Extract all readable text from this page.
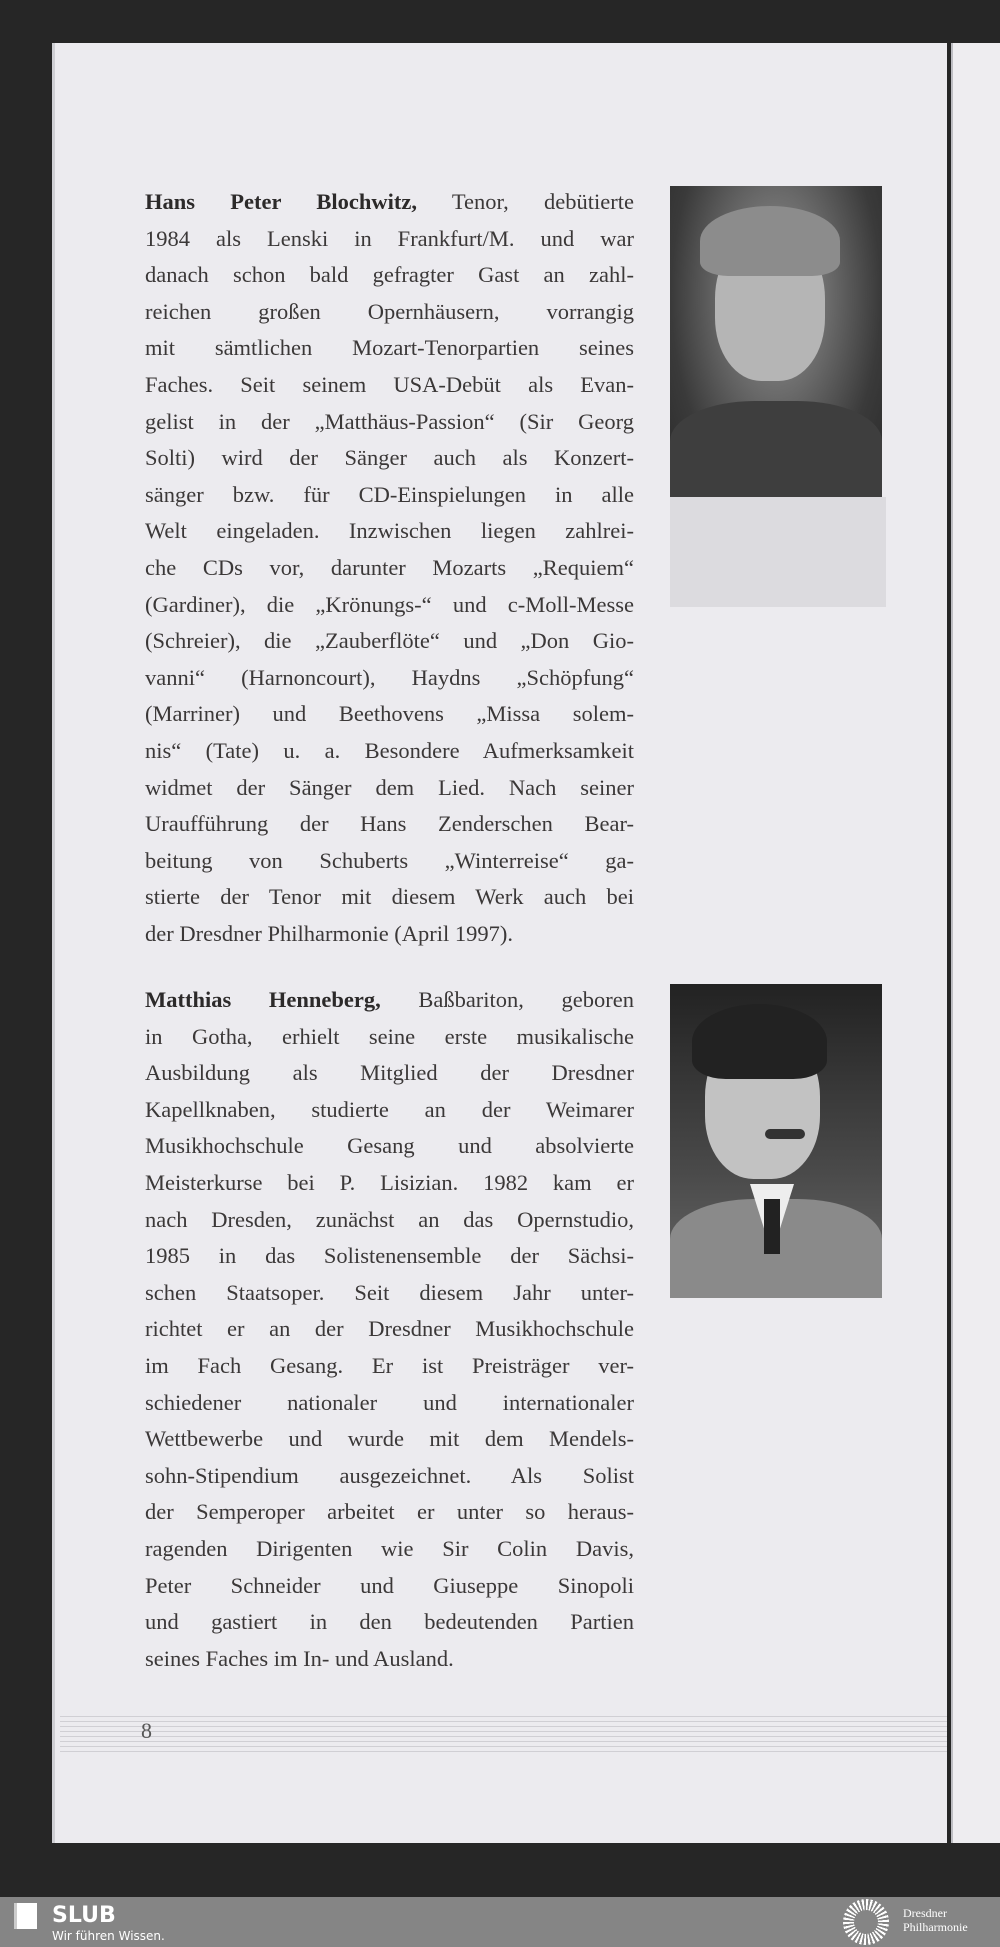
Hans Peter Blochwitz, Tenor, debütierte
1984 als Lenski in Frankfurt/M. und war
danach schon bald gefragter Gast an zahl-
reichen großen Opernhäusern, vorrangig
mit sämtlichen Mozart-Tenorpartien seines
Faches. Seit seinem USA-Debüt als Evan-
gelist in der „Matthäus-Passion“ (Sir Georg
Solti) wird der Sänger auch als Konzert-
sänger bzw. für CD-Einspielungen in alle
Welt eingeladen. Inzwischen liegen zahlrei-
che CDs vor, darunter Mozarts „Requiem“
(Gardiner), die „Krönungs-“ und c-Moll-Messe
(Schreier), die „Zauberflöte“ und „Don Gio-
vanni“ (Harnoncourt), Haydns „Schöpfung“
(Marriner) und Beethovens „Missa solem-
nis“ (Tate) u. a. Besondere Aufmerksamkeit
widmet der Sänger dem Lied. Nach seiner
Uraufführung der Hans Zenderschen Bear-
beitung von Schuberts „Winterreise“ ga-
stierte der Tenor mit diesem Werk auch bei
der Dresdner Philharmonie (April 1997).
Matthias Henneberg, Baßbariton, geboren
in Gotha, erhielt seine erste musikalische
Ausbildung als Mitglied der Dresdner
Kapellknaben, studierte an der Weimarer
Musikhochschule Gesang und absolvierte
Meisterkurse bei P. Lisizian. 1982 kam er
nach Dresden, zunächst an das Opernstudio,
1985 in das Solistenensemble der Sächsi-
schen Staatsoper. Seit diesem Jahr unter-
richtet er an der Dresdner Musikhochschule
im Fach Gesang. Er ist Preisträger ver-
schiedener nationaler und internationaler
Wettbewerbe und wurde mit dem Mendels-
sohn-Stipendium ausgezeichnet. Als Solist
der Semperoper arbeitet er unter so heraus-
ragenden Dirigenten wie Sir Colin Davis,
Peter Schneider und Giuseppe Sinopoli
und gastiert in den bedeutenden Partien
seines Faches im In- und Ausland.
8
SLUB
Wir führen Wissen.
Dresdner
Philharmonie
